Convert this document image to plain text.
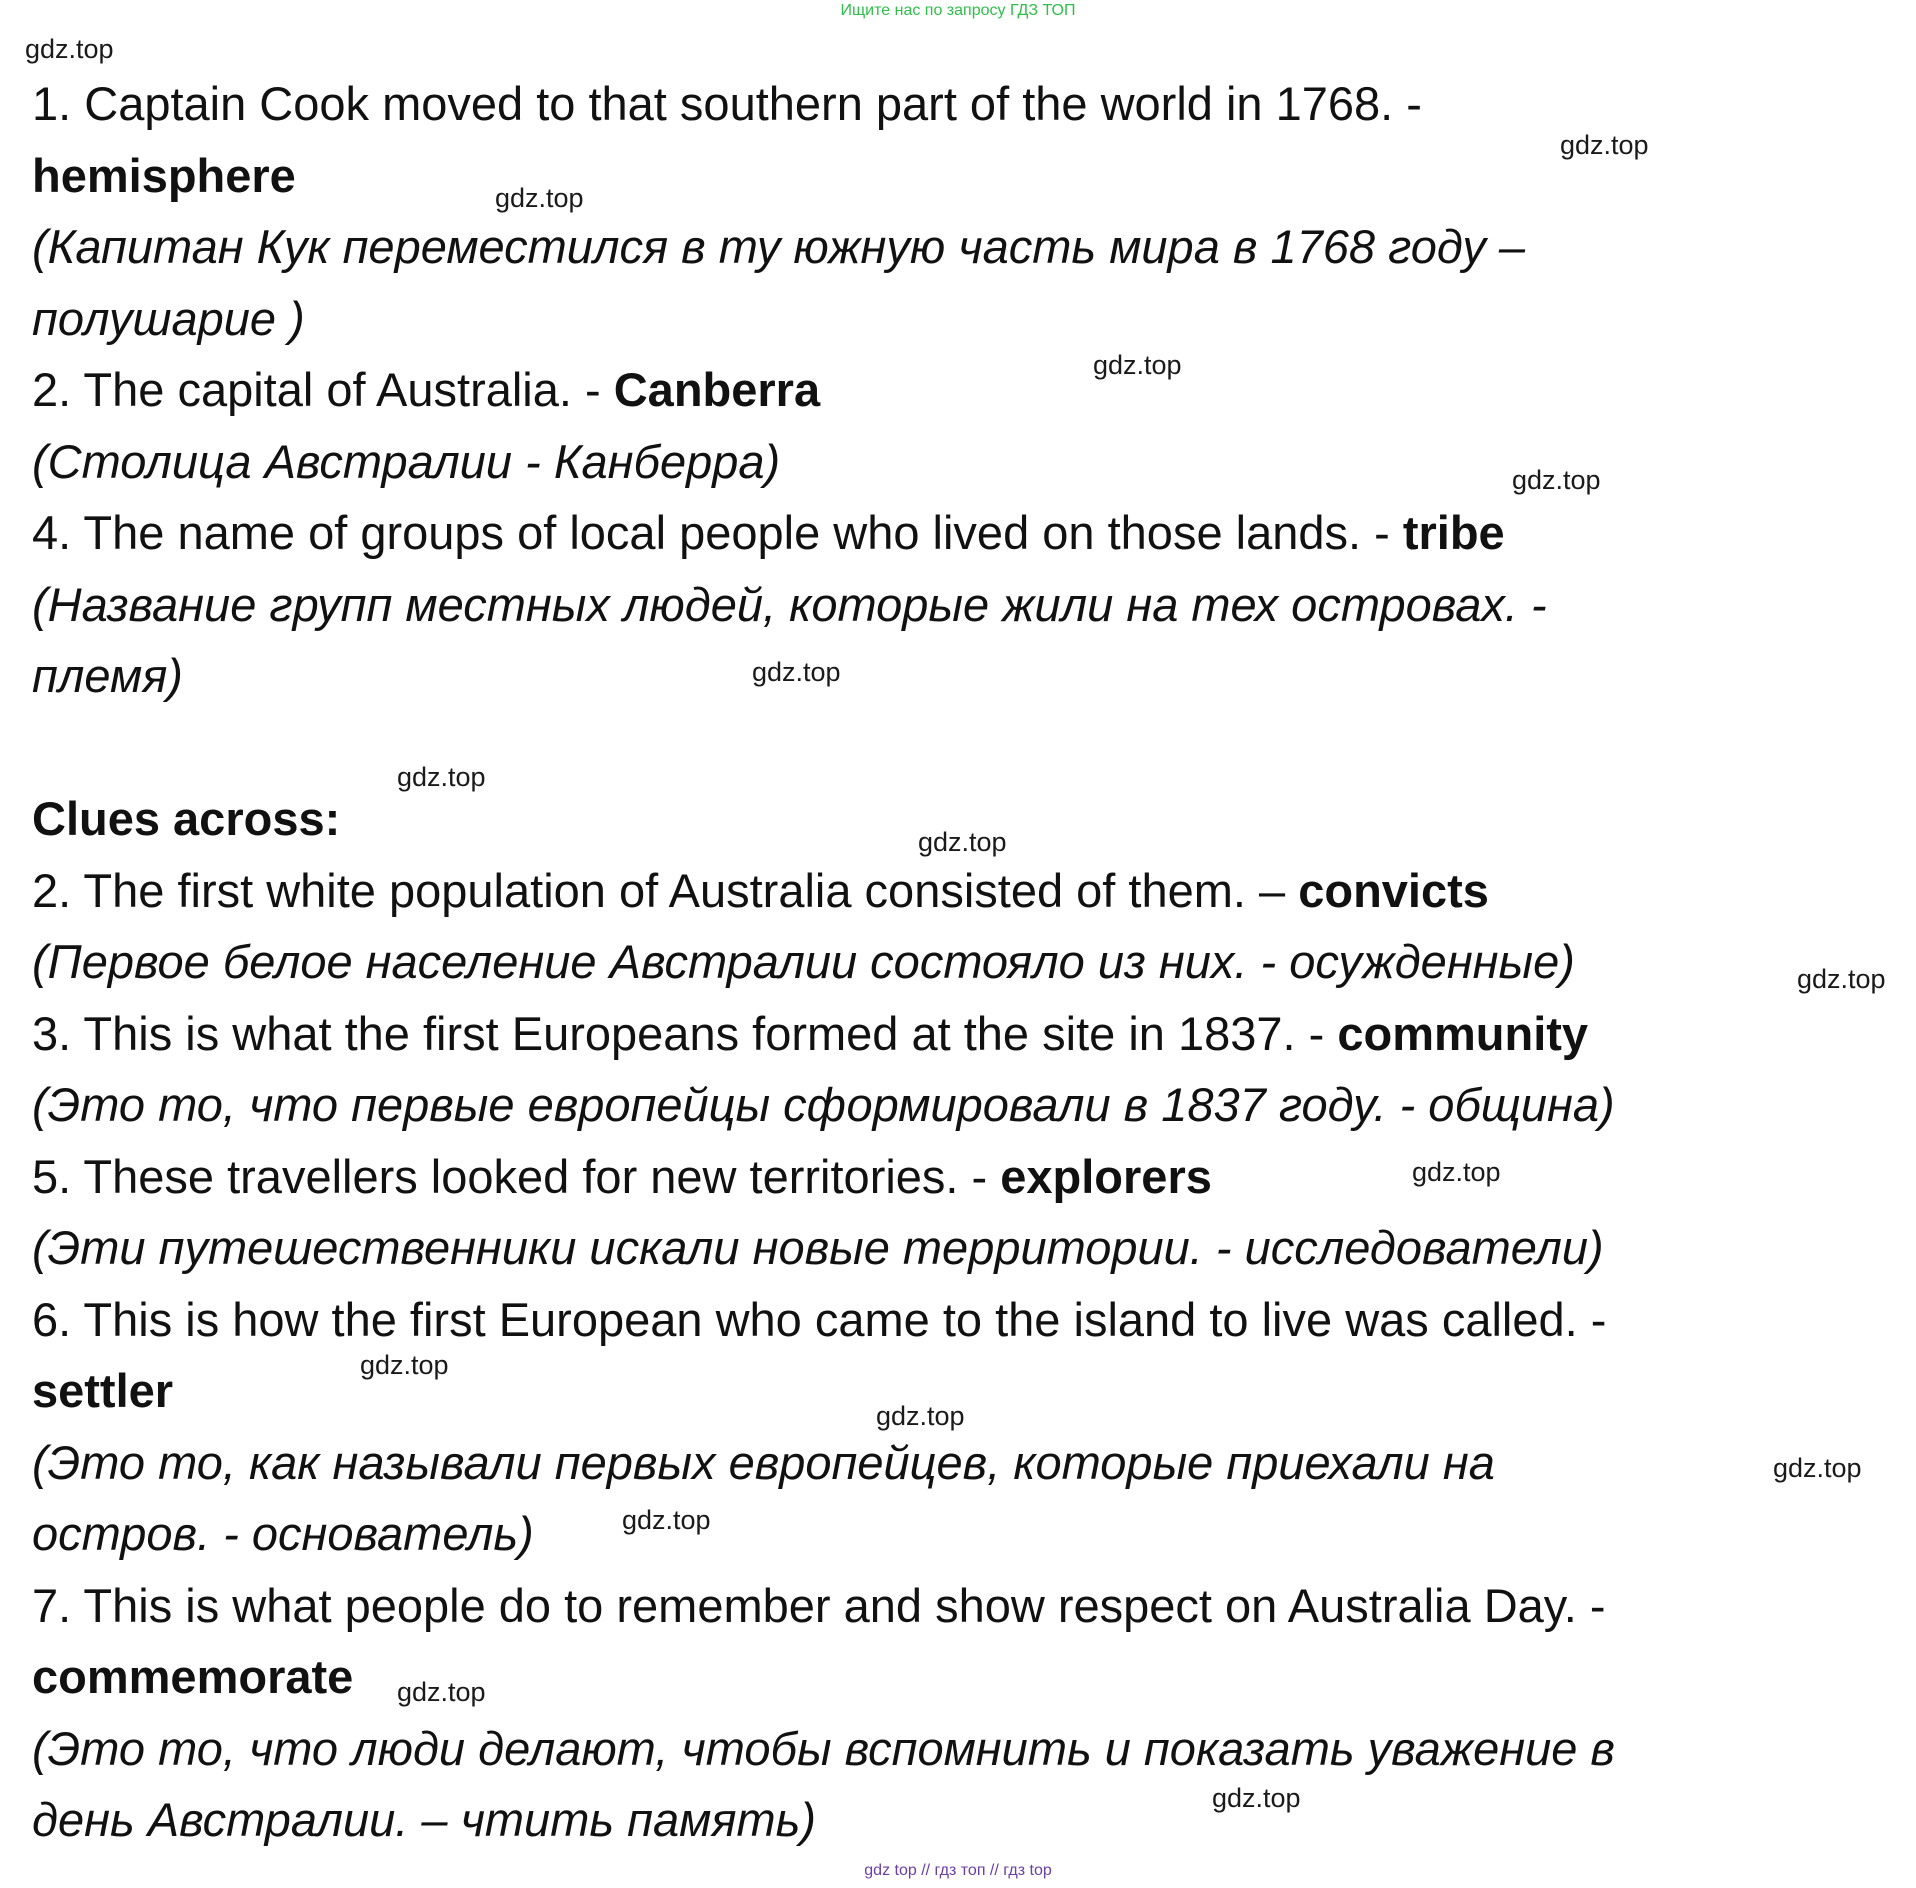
Ищите нас по запросу ГДЗ ТОП
1. Captain Cook moved to that southern part of the world in 1768. -
hemisphere
(Капитан Кук переместился в ту южную часть мира в 1768 году –
полушарие )
2. The capital of Australia. - Canberra
(Столица Австралии - Канберра)
4. The name of groups of local people who lived on those lands. - tribe
(Название групп местных людей, которые жили на тех островах. -
племя)
Clues across:
2. The first white population of Australia consisted of them. – convicts
(Первое белое население Австралии состояло из них. - осужденные)
3. This is what the first Europeans formed at the site in 1837. - community
(Это то, что первые европейцы сформировали в 1837 году. - община)
5. These travellers looked for new territories. - explorers
(Эти путешественники искали новые территории. - исследователи)
6. This is how the first European who came to the island to live was called. -
settler
(Это то, как называли первых европейцев, которые приехали на
остров. - основатель)
7. This is what people do to remember and show respect on Australia Day. -
commemorate
(Это то, что люди делают, чтобы вспомнить и показать уважение в
день Австралии. – чтить память)
gdz.top
gdz.top
gdz.top
gdz.top
gdz.top
gdz.top
gdz.top
gdz.top
gdz.top
gdz.top
gdz.top
gdz.top
gdz.top
gdz.top
gdz.top
gdz.top
gdz top // гдз топ // гдз top
